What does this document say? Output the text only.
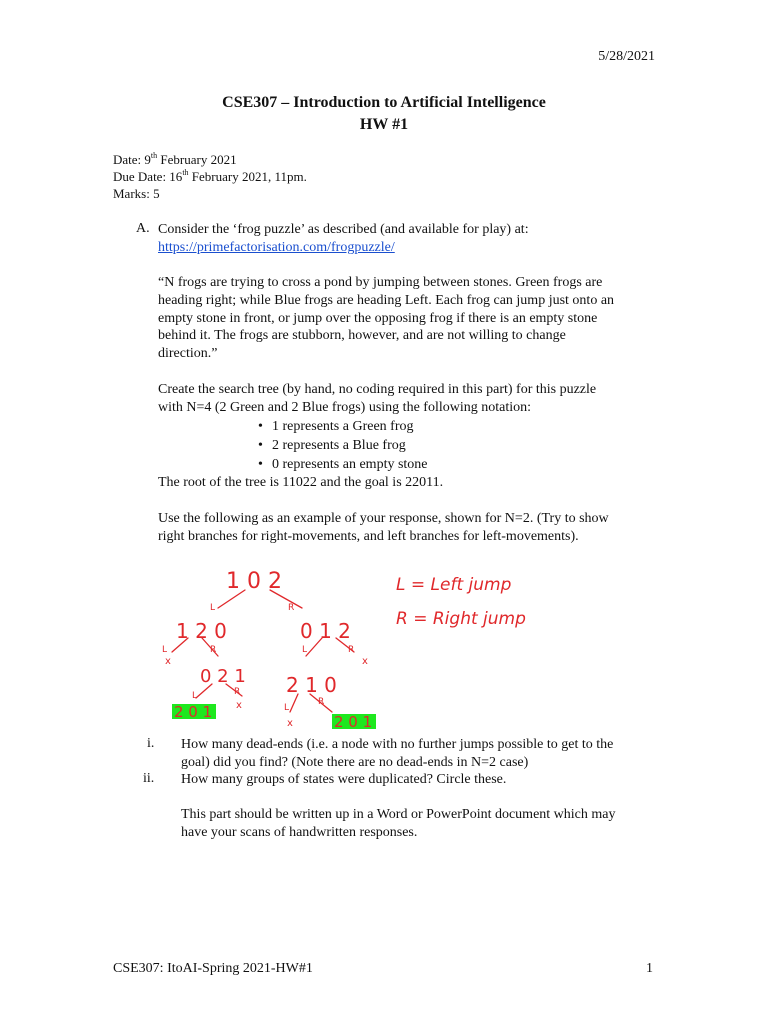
5/28/2021
CSE307 – Introduction to Artificial Intelligence
HW #1
Date: 9th February 2021
Due Date: 16th February 2021, 11pm.
Marks: 5
A. Consider the ‘frog puzzle’ as described (and available for play) at:
https://primefactorisation.com/frogpuzzle/
“N frogs are trying to cross a pond by jumping between stones. Green frogs are
heading right; while Blue frogs are heading Left. Each frog can jump just onto an
empty stone in front, or jump over the opposing frog if there is an empty stone
behind it. The frogs are stubborn, however, and are not willing to change
direction.”
Create the search tree (by hand, no coding required in this part) for this puzzle
with N=4 (2 Green and 2 Blue frogs) using the following notation:
• 1 represents a Green frog
• 2 represents a Blue frog
• 0 represents an empty stone
The root of the tree is 11022 and the goal is 22011.
Use the following as an example of your response, shown for N=2. (Try to show
right branches for right-movements, and left branches for left-movements).
1 0 2
L	R
1 2 0	0 1 2
L	R
x
L	R
x
0 2 1 2 1 0
L	R
x	L
R
x
2 0 1
2 0 1
L = Left jump
R = Right jump
i. How many dead-ends (i.e. a node with no further jumps possible to get to the
goal) did you find? (Note there are no dead-ends in N=2 case)
ii. How many groups of states were duplicated? Circle these.
This part should be written up in a Word or PowerPoint document which may
have your scans of handwritten responses.
CSE307: ItoAI-Spring 2021-HW#1	1
